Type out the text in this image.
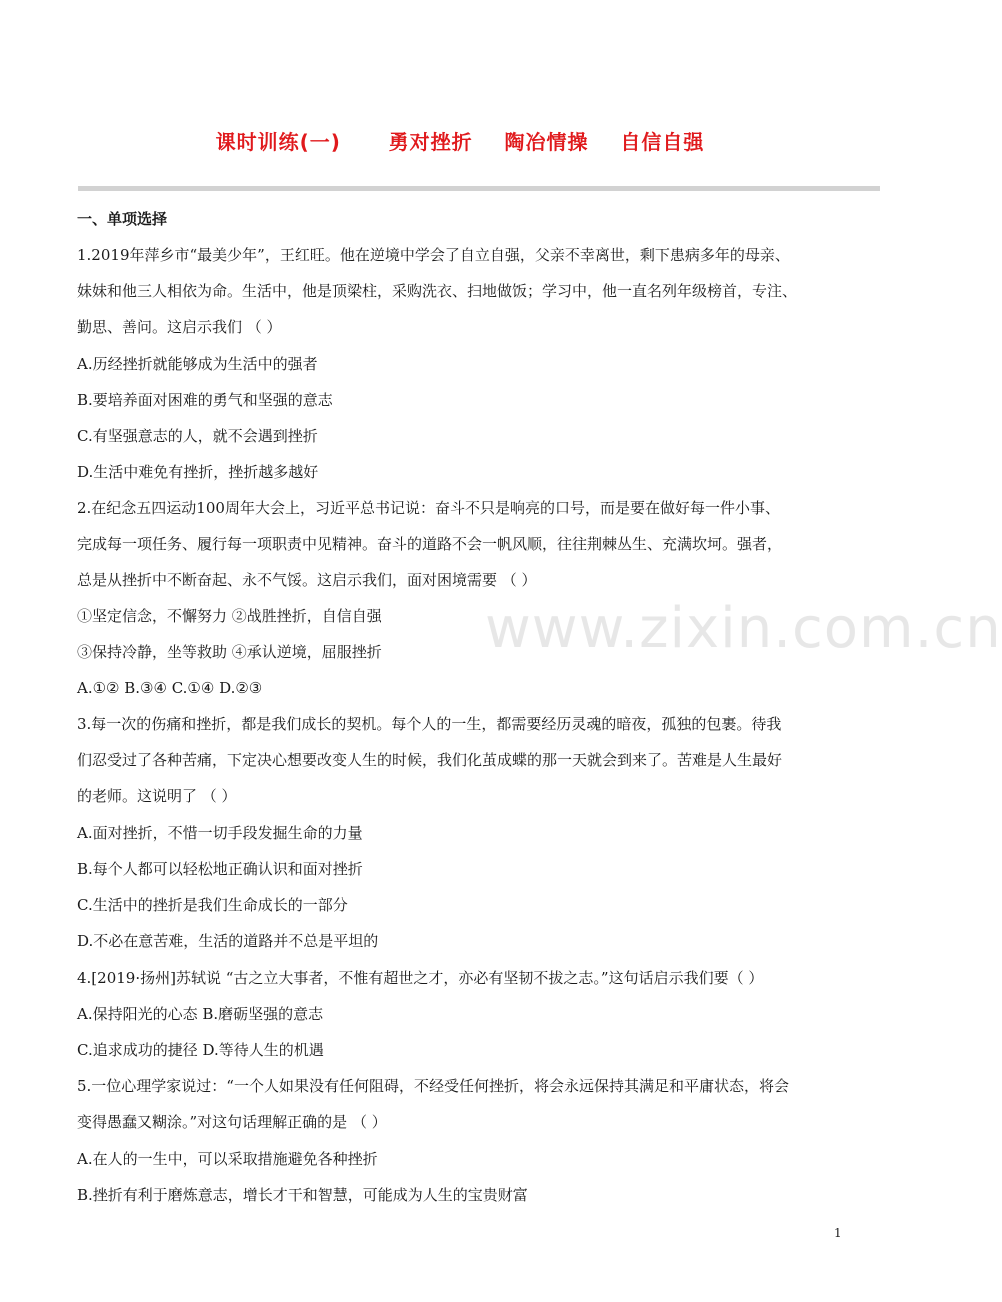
课时训练(一)      勇对挫折    陶冶情操    自信自强
一、单项选择
1.2019年萍乡市“最美少年”，王红旺。他在逆境中学会了自立自强，父亲不幸离世，剩下患病多年的母亲、
妹妹和他三人相依为命。生活中，他是顶梁柱，采购洗衣、扫地做饭；学习中，他一直名列年级榜首，专注、
勤思、善问。这启示我们 （ ）
A.历经挫折就能够成为生活中的强者
B.要培养面对困难的勇气和坚强的意志
C.有坚强意志的人，就不会遇到挫折
D.生活中难免有挫折，挫折越多越好
2.在纪念五四运动100周年大会上，习近平总书记说：奋斗不只是响亮的口号，而是要在做好每一件小事、
完成每一项任务、履行每一项职责中见精神。奋斗的道路不会一帆风顺，往往荆棘丛生、充满坎坷。强者，
总是从挫折中不断奋起、永不气馁。这启示我们，面对困境需要 （ ）
①坚定信念，不懈努力 ②战胜挫折，自信自强
③保持冷静，坐等救助 ④承认逆境，屈服挫折
A.①② B.③④ C.①④ D.②③
3.每一次的伤痛和挫折，都是我们成长的契机。每个人的一生，都需要经历灵魂的暗夜，孤独的包裹。待我
们忍受过了各种苦痛，下定决心想要改变人生的时候，我们化茧成蝶的那一天就会到来了。苦难是人生最好
的老师。这说明了 （ ）
A.面对挫折，不惜一切手段发掘生命的力量
B.每个人都可以轻松地正确认识和面对挫折
C.生活中的挫折是我们生命成长的一部分
D.不必在意苦难，生活的道路并不总是平坦的
4.[2019·扬州]苏轼说 “古之立大事者，不惟有超世之才，亦必有坚韧不拔之志。”这句话启示我们要（ ）
A.保持阳光的心态 B.磨砺坚强的意志
C.追求成功的捷径 D.等待人生的机遇
5.一位心理学家说过：“一个人如果没有任何阻碍，不经受任何挫折，将会永远保持其满足和平庸状态，将会
变得愚蠢又糊涂。”对这句话理解正确的是 （ ）
A.在人的一生中，可以采取措施避免各种挫折
B.挫折有利于磨炼意志，增长才干和智慧，可能成为人生的宝贵财富
www.zixin.com.cn
1
